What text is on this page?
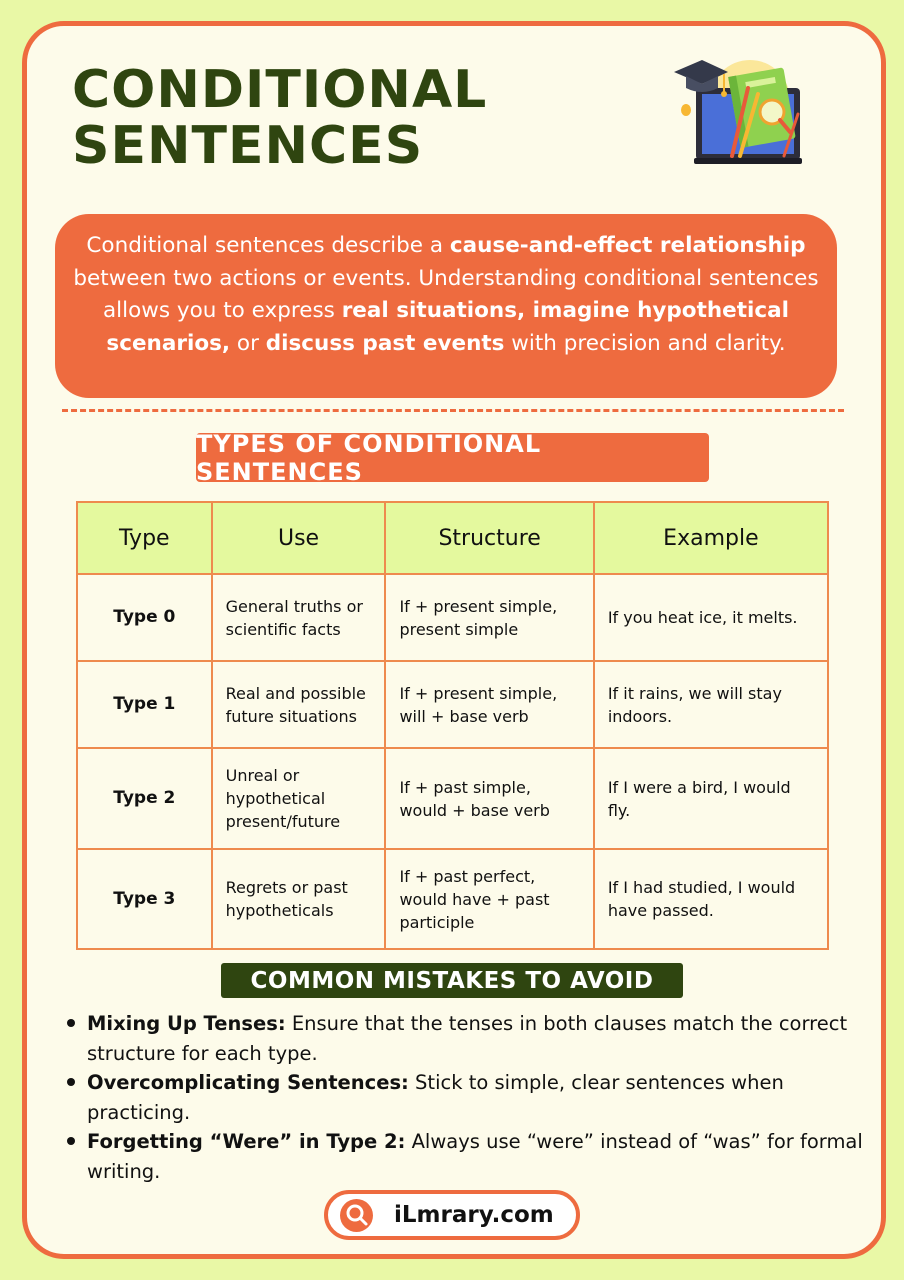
CONDITIONAL
SENTENCES
Conditional sentences describe a cause-and-effect relationship between two actions or events. Understanding conditional sentences allows you to express real situations, imagine hypothetical scenarios, or discuss past events with precision and clarity.
TYPES OF CONDITIONAL SENTENCES
Type	Use	Structure	Example
Type 0	General truths or scientific facts	If + present simple, present simple	If you heat ice, it melts.
Type 1	Real and possible future situations	If + present simple, will + base verb	If it rains, we will stay indoors.
Type 2	Unreal or hypothetical present/future	If + past simple, would + base verb	If I were a bird, I would fly.
Type 3	Regrets or past hypotheticals	If + past perfect, would have + past participle	If I had studied, I would have passed.
COMMON MISTAKES TO AVOID
Mixing Up Tenses: Ensure that the tenses in both clauses match the correct structure for each type.
Overcomplicating Sentences: Stick to simple, clear sentences when practicing.
Forgetting “Were” in Type 2: Always use “were” instead of “was” for formal writing.
iLmrary.com
